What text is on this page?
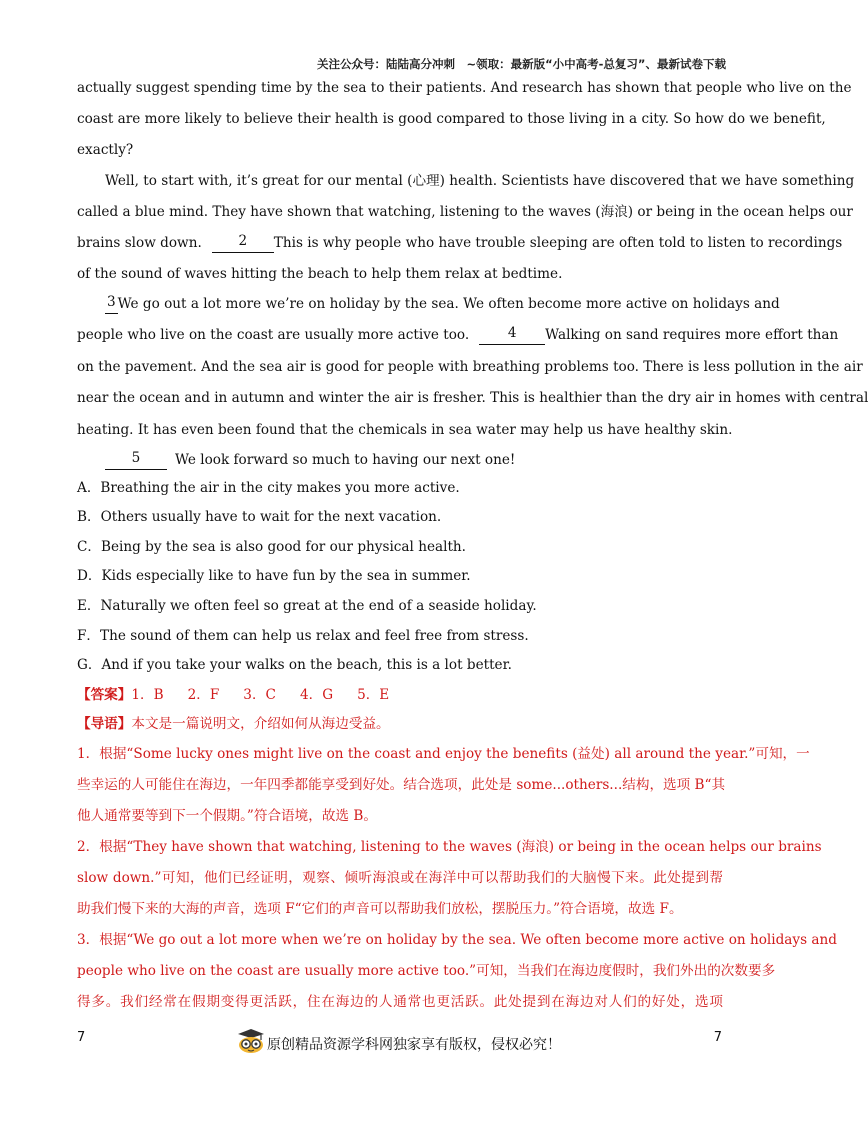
关注公众号：陆陆高分冲刺　~领取：最新版“小中高考-总复习”、最新试卷下载
actually suggest spending time by the sea to their patients. And research has shown that people who live on the
coast are more likely to believe their health is good compared to those living in a city. So how do we benefit,
exactly?
Well, to start with, it’s great for our mental (心理) health. Scientists have discovered that we have something
called a blue mind. They have shown that watching, listening to the waves (海浪) or being in the ocean helps our
brains slow down.	2	This is why people who have trouble sleeping are often told to listen to recordings
of the sound of waves hitting the beach to help them relax at bedtime.
3 We go out a lot more we’re on holiday by the sea. We often become more active on holidays and
people who live on the coast are usually more active too.	4	Walking on sand requires more effort than
on the pavement. And the sea air is good for people with breathing problems too. There is less pollution in the air
near the ocean and in autumn and winter the air is fresher. This is healthier than the dry air in homes with central
heating. It has even been found that the chemicals in sea water may help us have healthy skin.
5	We look forward so much to having our next one!
A．Breathing the air in the city makes you more active.
B．Others usually have to wait for the next vacation.
C．Being by the sea is also good for our physical health.
D．Kids especially like to have fun by the sea in summer.
E．Naturally we often feel so great at the end of a seaside holiday.
F．The sound of them can help us relax and feel free from stress.
G．And if you take your walks on the beach, this is a lot better.
【答案】1．B 2．F 3．C 4．G 5．E
【导语】本文是一篇说明文，介绍如何从海边受益。
1．根据“Some lucky ones might live on the coast and enjoy the benefits (益处) all around the year.”可知，一
些幸运的人可能住在海边，一年四季都能享受到好处。结合选项，此处是 some...others...结构，选项 B“其
他人通常要等到下一个假期。”符合语境，故选 B。
2．根据“They have shown that watching, listening to the waves (海浪) or being in the ocean helps our brains
slow down.”可知，他们已经证明，观察、倾听海浪或在海洋中可以帮助我们的大脑慢下来。此处提到帮
助我们慢下来的大海的声音，选项 F“它们的声音可以帮助我们放松，摆脱压力。”符合语境，故选 F。
3．根据“We go out a lot more when we’re on holiday by the sea. We often become more active on holidays and
people who live on the coast are usually more active too.”可知，当我们在海边度假时，我们外出的次数要多
得多。我们经常在假期变得更活跃，住在海边的人通常也更活跃。此处提到在海边对人们的好处，选项
7	7
原创精品资源学科网独家享有版权，侵权必究！
